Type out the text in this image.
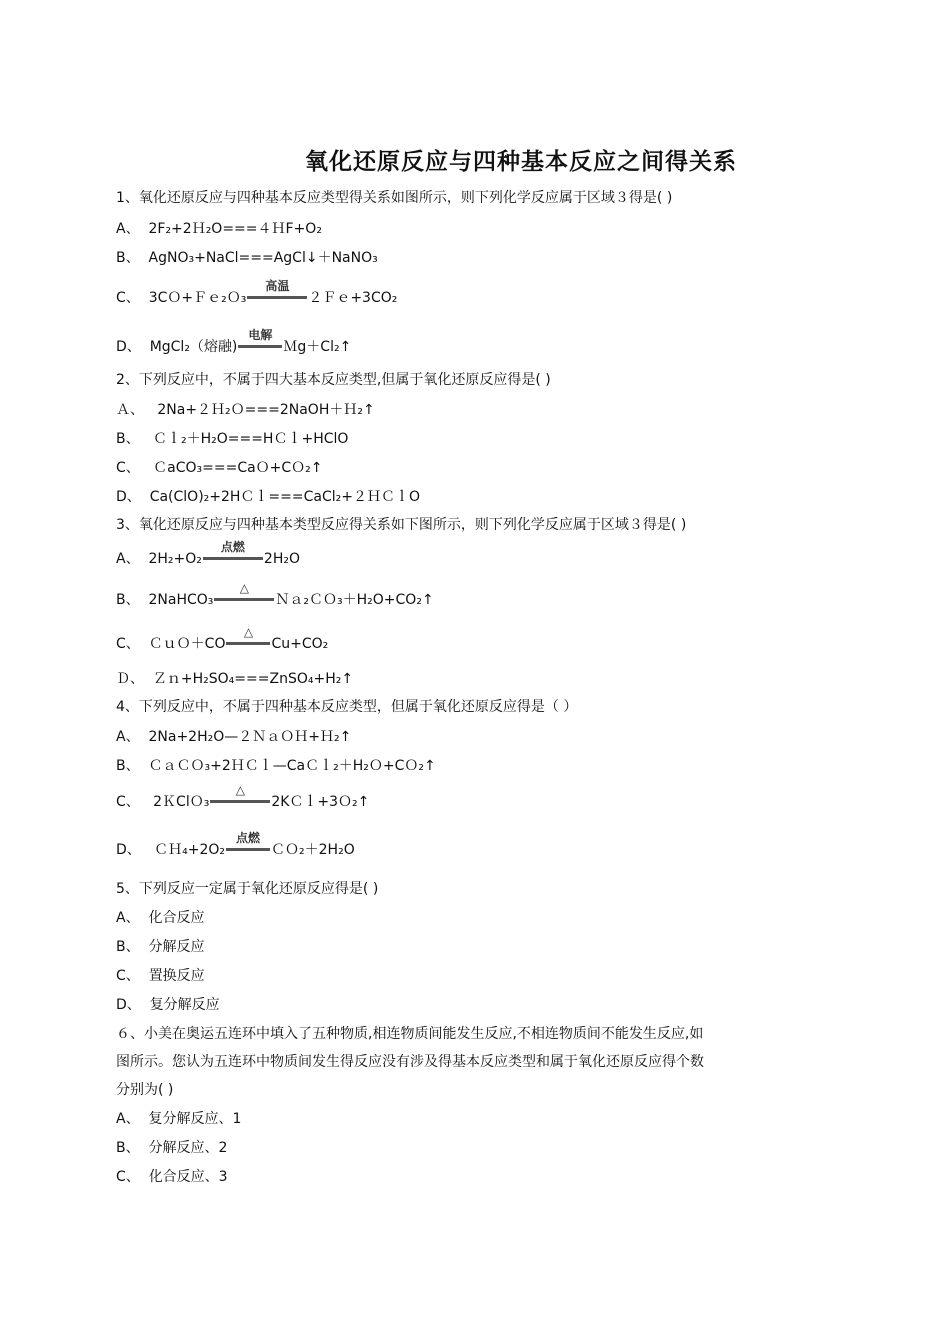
氧化还原反应与四种基本反应之间得关系
1、氧化还原反应与四种基本反应类型得关系如图所示，则下列化学反应属于区域３得是( )
A、 2F₂+2Ｈ₂O===４ＨF+O₂
B、 AgNO₃+NaCl===AgCl↓＋NaNO₃
C、 3CＯ+Ｆｅ₂Ｏ₃
高温
２Ｆｅ+3CO₂
D、 MgCl₂（熔融)
电解
Ｍg＋Cl₂↑
2、下列反应中，不属于四大基本反应类型,但属于氧化还原反应得是( )
Ａ、 2Na+２Ｈ₂Ｏ===2NaOH＋Ｈ₂↑
B、 Ｃｌ₂＋H₂O===HＣｌ+HClO
C、 ＣaCO₃===CaＯ+CＯ₂↑
D、 Ca(ClO)₂+2HＣｌ===CaCl₂+２ＨＣｌO
3、氧化还原反应与四种基本类型反应得关系如下图所示，则下列化学反应属于区域３得是( )
A、 2H₂+O₂
点燃
2H₂O
B、 2NaHCO₃
△
Ｎａ₂ＣＯ₃＋H₂O+CO₂↑
C、 ＣｕＯ＋CO
△
Cu+CO₂
Ｄ、 Ｚｎ+H₂SO₄===ZnSO₄+H₂↑
4、下列反应中，不属于四种基本反应类型，但属于氧化还原反应得是（ ）
A、 2Na+2H₂O—２ＮａＯＨ+Ｈ₂↑
B、 ＣａＣＯ₃+2ＨＣｌ—CaＣｌ₂＋H₂Ｏ+CＯ₂↑
C、 2ＫClＯ₃
△
2KＣｌ+3Ｏ₂↑
D、 ＣＨ₄+2O₂
点燃
ＣＯ₂＋2H₂O
5、下列反应一定属于氧化还原反应得是( )
A、 化合反应
B、 分解反应
C、 置换反应
D、 复分解反应
６、小美在奥运五连环中填入了五种物质,相连物质间能发生反应,不相连物质间不能发生反应,如
图所示。您认为五连环中物质间发生得反应没有涉及得基本反应类型和属于氧化还原反应得个数
分别为( )
A、 复分解反应、1
B、 分解反应、2
C、 化合反应、3
